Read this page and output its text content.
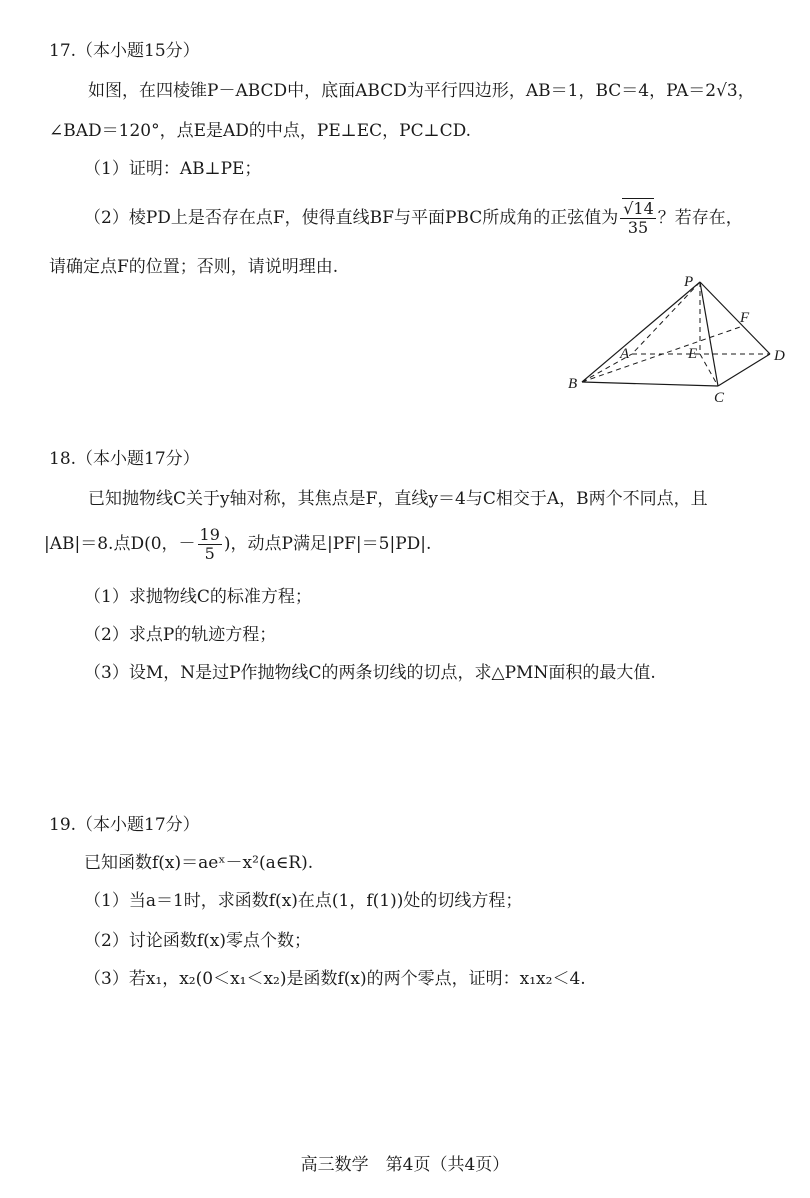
17.（本小题15分）
如图，在四棱锥P－ABCD中，底面ABCD为平行四边形，AB＝1，BC＝4，PA＝2√3，
∠BAD＝120°，点E是AD的中点，PE⊥EC，PC⊥CD.
（1）证明：AB⊥PE；
（2）棱PD上是否存在点F，使得直线BF与平面PBC所成角的正弦值为 $\frac{√14}{35}$ ？若存在，
请确定点F的位置；否则，请说明理由.
P
F
A	E	D
B
C
18.（本小题17分）
已知抛物线C关于y轴对称，其焦点是F，直线y＝4与C相交于A，B两个不同点，且
|AB|＝8.点D(0，－ $\frac{19}{5}$ )，动点P满足|PF|＝5|PD|.
（1）求抛物线C的标准方程；
（2）求点P的轨迹方程；
（3）设M，N是过P作抛物线C的两条切线的切点，求△PMN面积的最大值.
19.（本小题17分）
已知函数f(x)＝aeˣ－x²(a∈R).
（1）当a＝1时，求函数f(x)在点(1，f(1))处的切线方程；
（2）讨论函数f(x)零点个数；
（3）若x₁，x₂(0＜x₁＜x₂)是函数f(x)的两个零点，证明：x₁x₂＜4.
高三数学　第4页（共4页）
